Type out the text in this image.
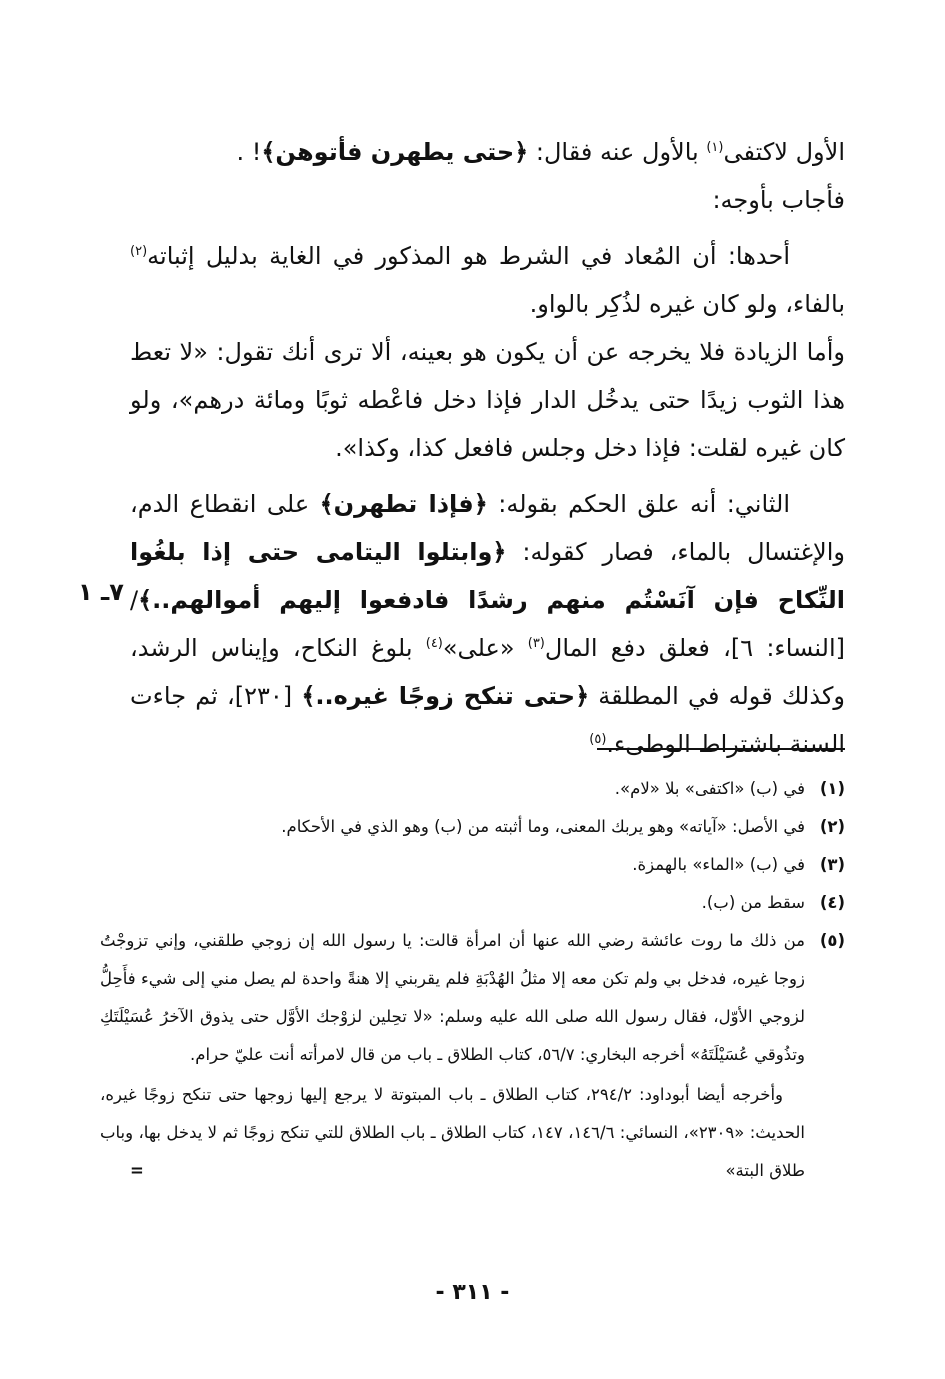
الأول لاكتفى$^{(١)}$ بالأول عنه فقال: ﴿حتى يطهرن فأتوهن﴾! .

فأجاب بأوجه:

أحدها: أن المُعاد في الشرط هو المذكور في الغاية بدليل إثباته$^{(٢)}$ بالفاء، ولو كان غيره لذُكِر بالواو.

وأما الزيادة فلا يخرجه عن أن يكون هو بعينه، ألا ترى أنك تقول: «لا تعط هذا الثوب زيدًا حتى يدخُل الدار فإذا دخل فاعْطه ثوبًا ومائة درهم»، ولو كان غيره لقلت: فإذا دخل وجلس فافعل كذا، وكذا».

الثاني: أنه علق الحكم بقوله: ﴿فإذا تطهرن﴾ على انقطاع الدم، والإغتسال بالماء، فصار كقوله: ﴿وابتلوا اليتامى حتى إذا بلغُوا النِّكاح فإن آنَسْتُم منهم رشدًا فادفعوا إليهم أموالهم..﴾/ [النساء: ٦]، فعلق دفع المال$^{(٣)}$ «على»$^{(٤)}$ بلوغ النكاح، وإيناس الرشد، وكذلك قوله في المطلقة ﴿حتى تنكح زوجًا غيره..﴾ [٢٣٠]، ثم جاءت السنة باشتراط الوطىء.$^{(٥)}$

٧ـ ١
(١)
في (ب) «اكتفى» بلا «لام».
(٢)
في الأصل: «آياته» وهو يربك المعنى، وما أثبته من (ب) وهو الذي في الأحكام.
(٣)
في (ب) «الماء» بالهمزة.
(٤)
سقط من (ب).
(٥)
من ذلك ما روت عائشة رضي الله عنها أن امرأة قالت: يا رسول الله إن زوجي طلقني، وإني تزوجْتُ زوجا غيره، فدخل بي ولم تكن معه إلا مثلُ الهُدْبَةِ فلم يقربني إلا هنةً واحدة لم يصل مني إلى شيء فأَحِلُّ لزوجي الأوّل، فقال رسول الله صلى الله عليه وسلم: «لا تحِلين لزوْجك الأوَّل حتى يذوق الآخرُ عُسَيْلَتَكِ وتذُوقي عُسَيْلَتَهُ» أخرجه البخاري: ٥٦/٧، كتاب الطلاق ـ باب من قال لامرأته أنت عليّ حرام.
وأخرجه أيضا أبوداود: ٢٩٤/٢، كتاب الطلاق ـ باب المبتوتة لا يرجع إليها زوجها حتى تنكح زوجًا غيره، الحديث: «٢٣٠٩»، النسائي: ١٤٦/٦، ١٤٧، كتاب الطلاق ـ باب الطلاق للتي تنكح زوجًا ثم لا يدخل بها، وباب طلاق البتة»
=
- ٣١١ -
